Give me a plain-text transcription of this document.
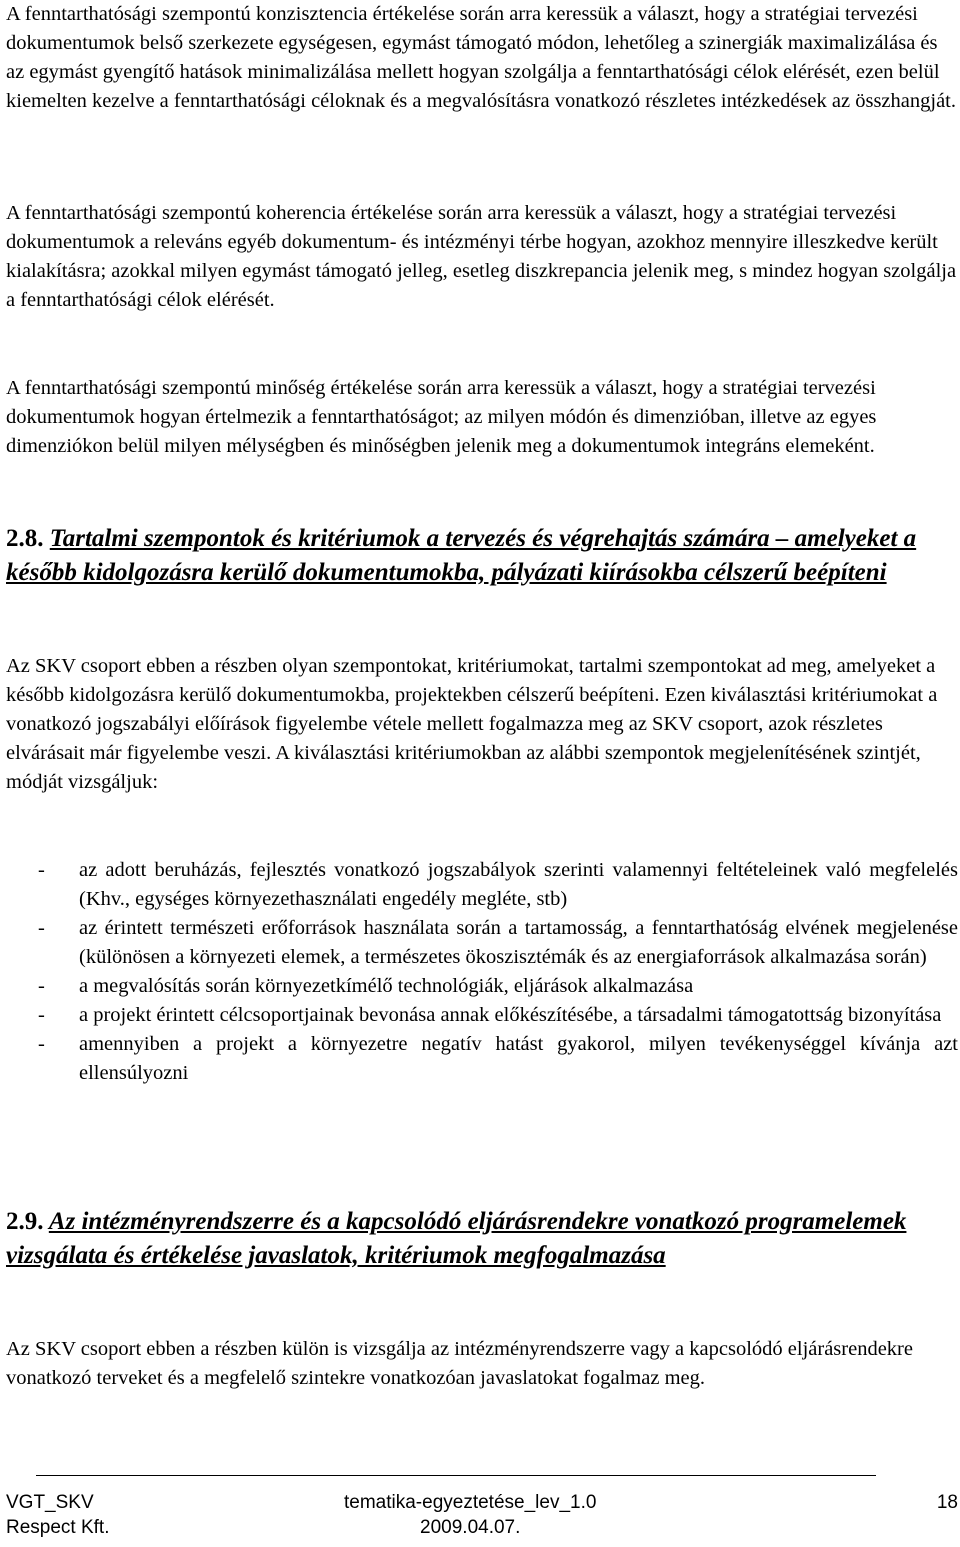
A fenntarthatósági szempontú konzisztencia értékelése során arra keressük a választ, hogy a stratégiai tervezési dokumentumok belső szerkezete egységesen, egymást támogató módon, lehetőleg a szinergiák maximalizálása és az egymást gyengítő hatások minimalizálása mellett hogyan szolgálja a fenntarthatósági célok elérését, ezen belül kiemelten kezelve a fenntarthatósági céloknak és a megvalósításra vonatkozó részletes intézkedések az összhangját.

A fenntarthatósági szempontú koherencia értékelése során arra keressük a választ, hogy a stratégiai tervezési dokumentumok a releváns egyéb dokumentum- és intézményi térbe hogyan, azokhoz mennyire illeszkedve került kialakításra; azokkal milyen egymást támogató jelleg, esetleg diszkrepancia jelenik meg, s mindez hogyan szolgálja a fenntarthatósági célok elérését.

A fenntarthatósági szempontú minőség értékelése során arra keressük a választ, hogy a stratégiai tervezési dokumentumok hogyan értelmezik a fenntarthatóságot; az milyen módón és dimenzióban, illetve az egyes dimenziókon belül milyen mélységben és minőségben jelenik meg a dokumentumok integráns elemeként.

2.8. Tartalmi szempontok és kritériumok a tervezés és végrehajtás számára – amelyeket a később kidolgozásra kerülő dokumentumokba, pályázati kiírásokba célszerű beépíteni

Az SKV csoport ebben a részben olyan szempontokat, kritériumokat, tartalmi szempontokat ad meg, amelyeket a később kidolgozásra kerülő dokumentumokba, projektekben célszerű beépíteni. Ezen kiválasztási kritériumokat a vonatkozó jogszabályi előírások figyelembe vétele mellett fogalmazza meg az SKV csoport, azok részletes elvárásait már figyelembe veszi. A kiválasztási kritériumokban az alábbi szempontok megjelenítésének szintjét, módját vizsgáljuk:

- az adott beruházás, fejlesztés vonatkozó jogszabályok szerinti valamennyi feltételeinek való megfelelés (Khv., egységes környezethasználati engedély megléte, stb)
- az érintett természeti erőforrások használata során a tartamosság, a fenntarthatóság elvének megjelenése (különösen a környezeti elemek, a természetes ökoszisztémák és az energiaforrások alkalmazása során)
- a megvalósítás során környezetkímélő technológiák, eljárások alkalmazása
- a projekt érintett célcsoportjainak bevonása annak előkészítésébe, a társadalmi támogatottság bizonyítása
- amennyiben a projekt a környezetre negatív hatást gyakorol, milyen tevékenységgel kívánja azt ellensúlyozni
2.9. Az intézményrendszerre és a kapcsolódó eljárásrendekre vonatkozó programelemek vizsgálata és értékelése javaslatok, kritériumok megfogalmazása

Az SKV csoport ebben a részben külön is vizsgálja az intézményrendszerre vagy a kapcsolódó eljárásrendekre vonatkozó terveket és a megfelelő szintekre vonatkozóan javaslatokat fogalmaz meg.

VGT_SKV
Respect Kft.
tematika-egyeztetése_lev_1.0
2009.04.07.
18
